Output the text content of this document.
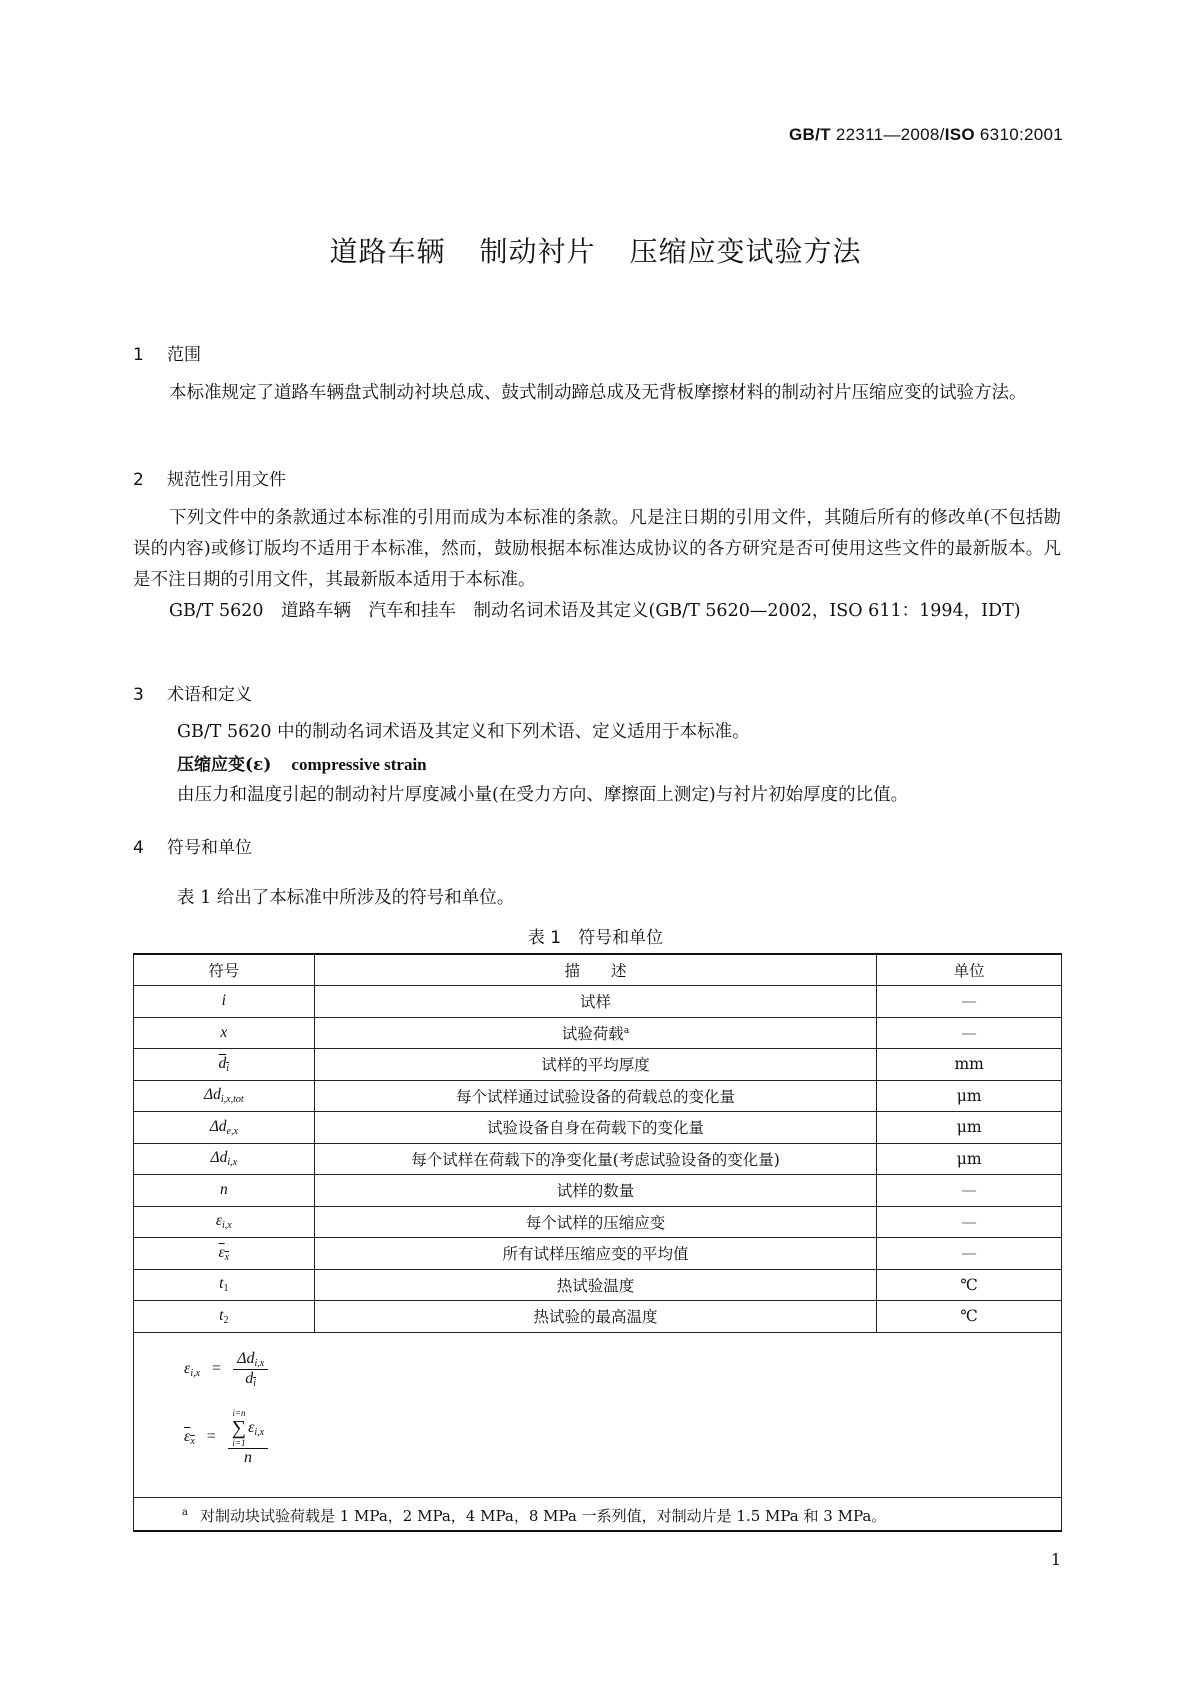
GB/T 22311—2008/ISO 6310:2001
道路车辆 制动衬片 压缩应变试验方法
1 范围
本标准规定了道路车辆盘式制动衬块总成、鼓式制动蹄总成及无背板摩擦材料的制动衬片压缩应变的试验方法。
2 规范性引用文件
下列文件中的条款通过本标准的引用而成为本标准的条款。凡是注日期的引用文件，其随后所有的修改单(不包括勘误的内容)或修订版均不适用于本标准，然而，鼓励根据本标准达成协议的各方研究是否可使用这些文件的最新版本。凡是不注日期的引用文件，其最新版本适用于本标准。
GB/T 5620　道路车辆　汽车和挂车　制动名词术语及其定义(GB/T 5620—2002，ISO 611：1994，IDT)
3 术语和定义
GB/T 5620 中的制动名词术语及其定义和下列术语、定义适用于本标准。
压缩应变(ε) compressive strain
由压力和温度引起的制动衬片厚度减小量(在受力方向、摩擦面上测定)与衬片初始厚度的比值。
4 符号和单位
表 1 给出了本标准中所涉及的符号和单位。
表 1　符号和单位
符号	描　　述	单位
i	试样	—
x	试验荷载$^a$	—
$d_i$	试样的平均厚度	mm
$\Delta d_{i,x,tot}$	每个试样通过试验设备的荷载总的变化量	μm
$\Delta d_{e,x}$	试验设备自身在荷载下的变化量	μm
$\Delta d_{i,x}$	每个试样在荷载下的净变化量(考虑试验设备的变化量)	μm
n	试样的数量	—
$\varepsilon_{i,x}$	每个试样的压缩应变	—
$\varepsilon_x$	所有试样压缩应变的平均值	—
$t_1$	热试验温度	℃
$t_2$	热试验的最高温度	℃
$\varepsilon_{i,x} = \frac{\Delta d_{i,x}}{d_i}$
$\varepsilon_x = i=n$
∑
i=1
$\varepsilon_{i,x}$
n
$^a$ 对制动块试验荷载是 1 MPa，2 MPa，4 MPa，8 MPa 一系列值，对制动片是 1.5 MPa 和 3 MPa。
1
